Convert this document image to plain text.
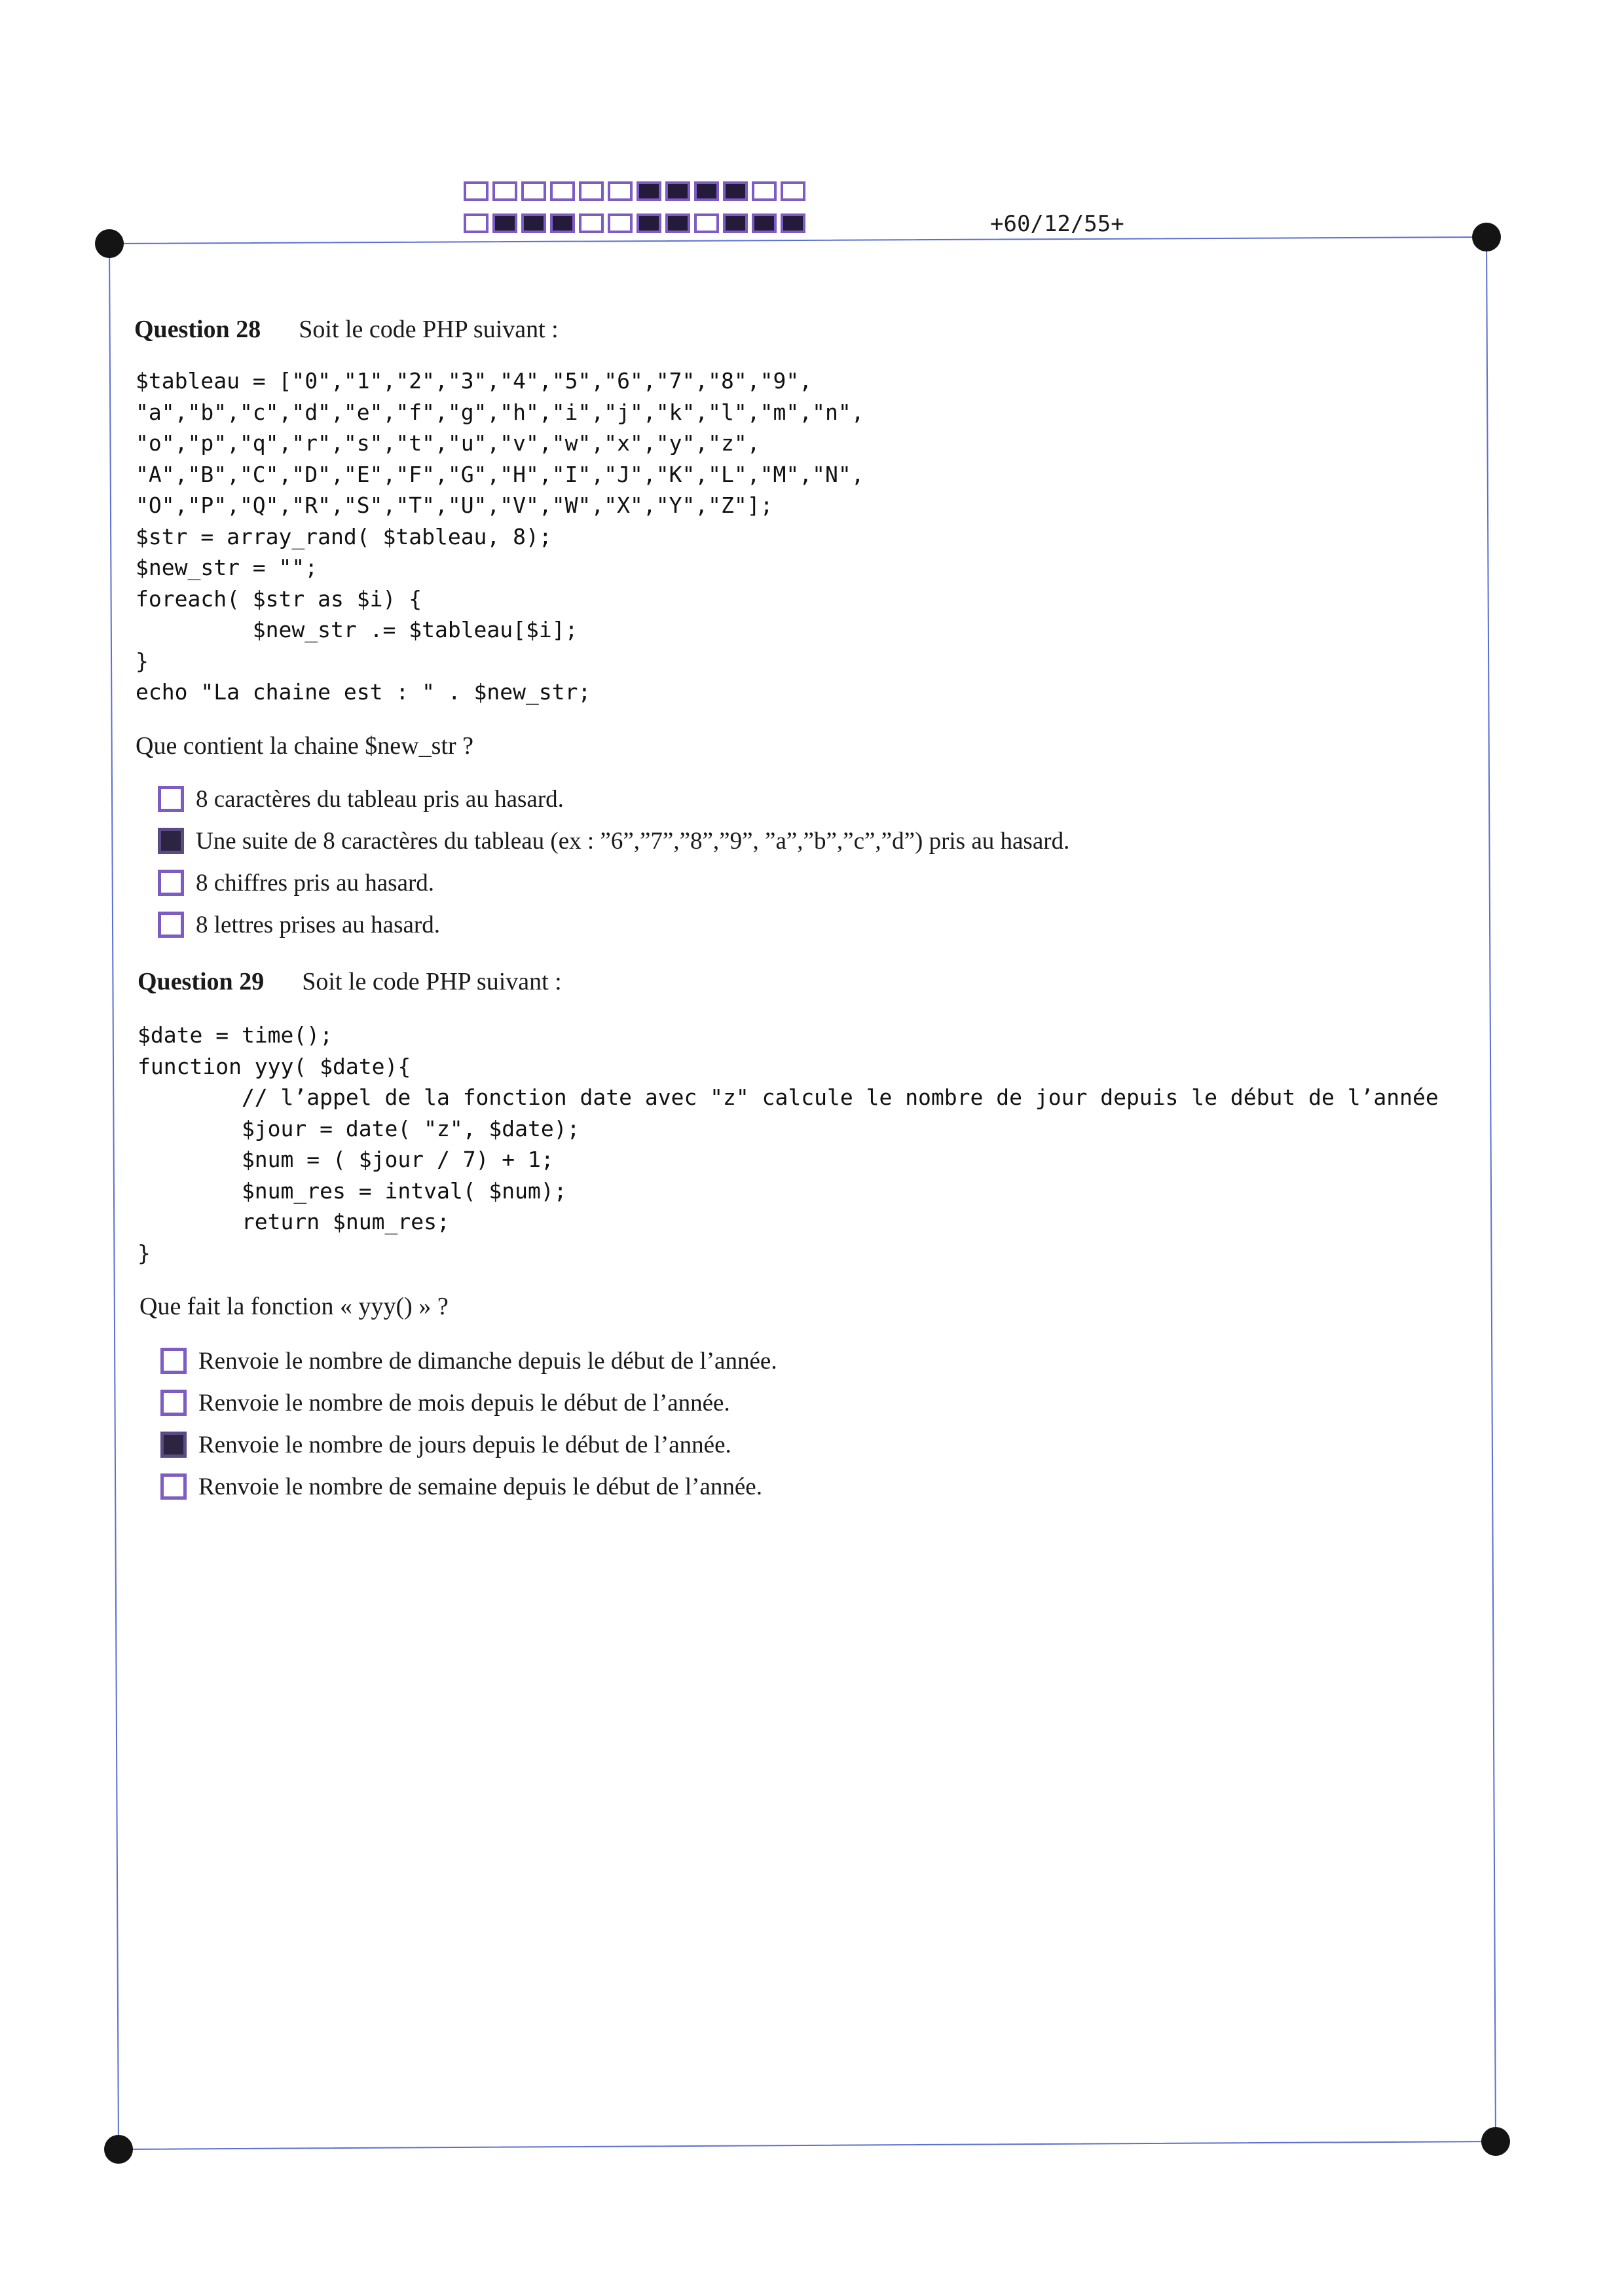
+60/12/55+
Question 28 Soit le code PHP suivant :
$tableau = ["0","1","2","3","4","5","6","7","8","9",
"a","b","c","d","e","f","g","h","i","j","k","l","m","n",
"o","p","q","r","s","t","u","v","w","x","y","z",
"A","B","C","D","E","F","G","H","I","J","K","L","M","N",
"O","P","Q","R","S","T","U","V","W","X","Y","Z"];
$str = array_rand( $tableau, 8);
$new_str = "";
foreach( $str as $i) {
$new_str .= $tableau[$i];
}
echo "La chaine est : " . $new_str;
Que contient la chaine $new_str ?
8 caractères du tableau pris au hasard.
Une suite de 8 caractères du tableau (ex : ”6”,”7”,”8”,”9”, ”a”,”b”,”c”,”d”) pris au hasard.
8 chiffres pris au hasard.
8 lettres prises au hasard.
Question 29 Soit le code PHP suivant :
$date = time();
function yyy( $date){
// l’appel de la fonction date avec "z" calcule le nombre de jour depuis le début de l’année
$jour = date( "z", $date);
$num = ( $jour / 7) + 1;
$num_res = intval( $num);
return $num_res;
}
Que fait la fonction « yyy() » ?
Renvoie le nombre de dimanche depuis le début de l’année.
Renvoie le nombre de mois depuis le début de l’année.
Renvoie le nombre de jours depuis le début de l’année.
Renvoie le nombre de semaine depuis le début de l’année.
